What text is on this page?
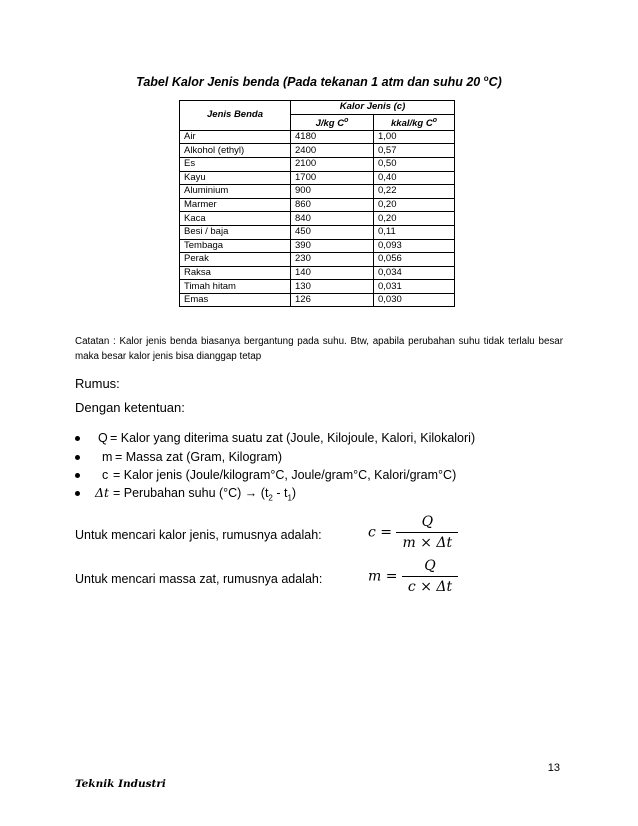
Tabel Kalor Jenis benda (Pada tekanan 1 atm dan suhu 20 $^o$C)
Jenis Benda	Kalor Jenis (c)	
	J/kg $C^o$	kkal/kg $C^o$
Air	4180	1,00
Alkohol (ethyl)	2400	0,57
Es	2100	0,50
Kayu	1700	0,40
Aluminium	900	0,22
Marmer	860	0,20
Kaca	840	0,20
Besi / baja	450	0,11
Tembaga	390	0,093
Perak	230	0,056
Raksa	140	0,034
Timah hitam	130	0,031
Emas	126	0,030
Catatan : Kalor jenis benda biasanya bergantung pada suhu. Btw, apabila perubahan suhu tidak terlalu besar maka besar kalor jenis bisa dianggap tetap
Rumus:
Dengan ketentuan:
Q = Kalor yang diterima suatu zat (Joule, Kilojoule, Kalori, Kilokalori)
m = Massa zat (Gram, Kilogram)
c = Kalor jenis (Joule/kilogram°C, Joule/gram°C, Kalori/gram°C)
Δt = Perubahan suhu $(^\circ C) \to (t_2 - t_1)$
Untuk mencari kalor jenis, rumusnya adalah:	$c = \frac{Q}{m \times \Delta t}$
Untuk mencari massa zat, rumusnya adalah:	$m = \frac{Q}{c \times \Delta t}$
13
Teknik Industri
